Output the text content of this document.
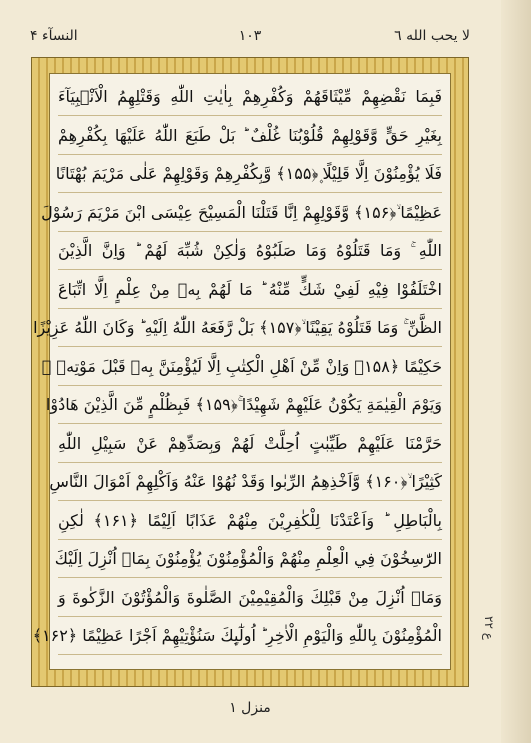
النسآء ۴	۱۰۳	لا يحب الله ٦
فَبِمَا نَقْضِهِمْ مِّيْثَاقَهُمْ وَكُفْرِهِمْ بِاٰيٰتِ اللّٰهِ وَقَتْلِهِمُ الْاَنْۢبِيَآءَ
بِغَيْرِ حَقٍّ وَّقَوْلِهِمْ قُلُوْبُنَا غُلْفٌ ؕ بَلْ طَبَعَ اللّٰهُ عَلَيْهَا بِكُفْرِهِمْ
فَلَا يُؤْمِنُوْنَ اِلَّا قَلِيْلًا ۪﴿۱۵۵﴾ وَّبِكُفْرِهِمْ وَقَوْلِهِمْ عَلٰى مَرْيَمَ بُهْتَانًا
عَظِيْمًا ۙ﴿۱۵۶﴾ وَّقَوْلِهِمْ اِنَّا قَتَلْنَا الْمَسِيْحَ عِيْسَى ابْنَ مَرْيَمَ رَسُوْلَ
اللّٰهِ ۚ وَمَا قَتَلُوْهُ وَمَا صَلَبُوْهُ وَلٰكِنْ شُبِّهَ لَهُمْ ؕ وَاِنَّ الَّذِيْنَ
اخْتَلَفُوْا فِيْهِ لَفِيْ شَكٍّ مِّنْهُ ؕ مَا لَهُمْ بِهٖ مِنْ عِلْمٍ اِلَّا اتِّبَاعَ
الظَّنِّ ۚ وَمَا قَتَلُوْهُ يَقِيْنًا ۙ﴿۱۵۷﴾ بَلْ رَّفَعَهُ اللّٰهُ اِلَيْهِ ؕ وَكَانَ اللّٰهُ عَزِيْزًا
حَكِيْمًا ﴿۱۵۸﴾ وَاِنْ مِّنْ اَهْلِ الْكِتٰبِ اِلَّا لَيُؤْمِنَنَّ بِهٖ قَبْلَ مَوْتِهٖ ۚ
وَيَوْمَ الْقِيٰمَةِ يَكُوْنُ عَلَيْهِمْ شَهِيْدًا ۚ﴿۱۵۹﴾ فَبِظُلْمٍ مِّنَ الَّذِيْنَ هَادُوْا
حَرَّمْنَا عَلَيْهِمْ طَيِّبٰتٍ اُحِلَّتْ لَهُمْ وَبِصَدِّهِمْ عَنْ سَبِيْلِ اللّٰهِ
كَثِيْرًا ۙ﴿۱۶۰﴾ وَّاَخْذِهِمُ الرِّبٰوا وَقَدْ نُهُوْا عَنْهُ وَاَكْلِهِمْ اَمْوَالَ النَّاسِ
بِالْبَاطِلِ ؕ وَاَعْتَدْنَا لِلْكٰفِرِيْنَ مِنْهُمْ عَذَابًا اَلِيْمًا ﴿۱۶۱﴾ لٰكِنِ
الرّٰسِخُوْنَ فِي الْعِلْمِ مِنْهُمْ وَالْمُؤْمِنُوْنَ يُؤْمِنُوْنَ بِمَاۤ اُنْزِلَ اِلَيْكَ
وَمَاۤ اُنْزِلَ مِنْ قَبْلِكَ وَالْمُقِيْمِيْنَ الصَّلٰوةَ وَالْمُؤْتُوْنَ الزَّكٰوةَ وَ
الْمُؤْمِنُوْنَ بِاللّٰهِ وَالْيَوْمِ الْاٰخِرِ ؕ اُولٰٓىِٕكَ سَنُؤْتِيْهِمْ اَجْرًا عَظِيْمًا ﴿۱۶۲﴾
ع ۲۲
منزل ۱
